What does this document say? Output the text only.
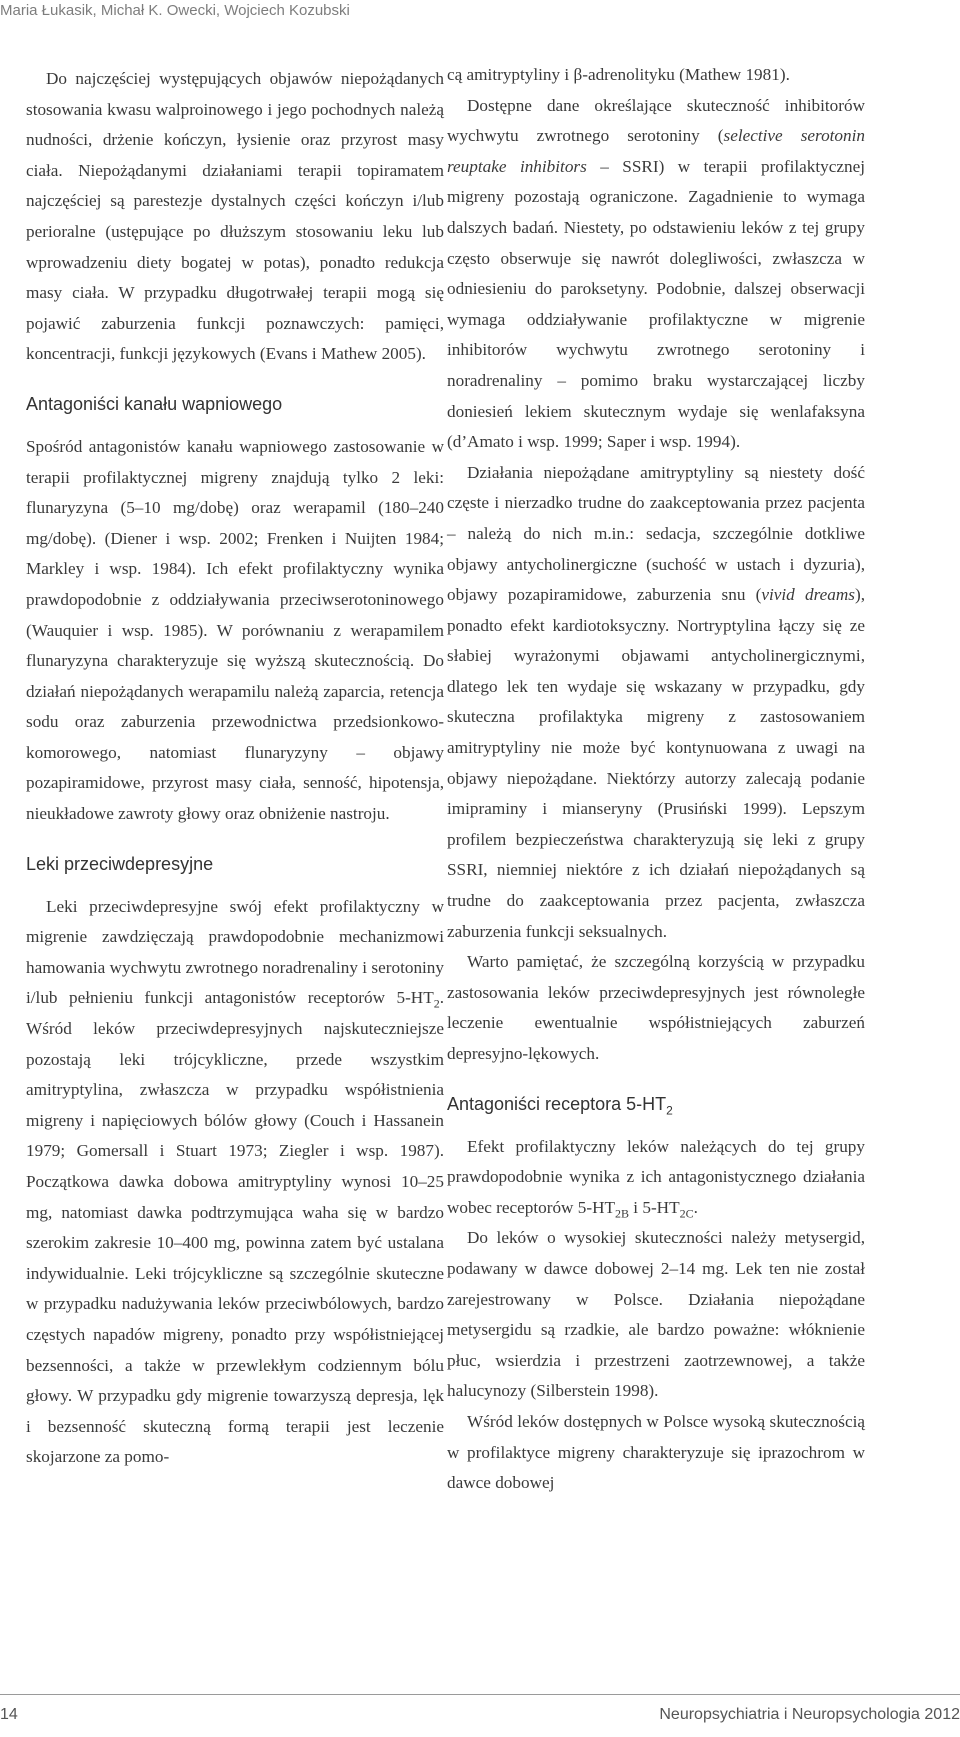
Maria Łukasik, Michał K. Owecki, Wojciech Kozubski

Do najczęściej występujących objawów niepożądanych stosowania kwasu walproinowego i jego pochodnych należą nudności, drżenie kończyn, łysienie oraz przyrost masy ciała. Niepożądanymi działaniami terapii topiramatem najczęściej są parestezje dystalnych części kończyn i/lub perioralne (ustępujące po dłuższym stosowaniu leku lub wprowadzeniu diety bogatej w potas), ponadto redukcja masy ciała. W przypadku długotrwałej terapii mogą się pojawić zaburzenia funkcji poznawczych: pamięci, koncentracji, funkcji językowych (Evans i Mathew 2005).

Antagoniści kanału wapniowego

Spośród antagonistów kanału wapniowego zastosowanie w terapii profilaktycznej migreny znajdują tylko 2 leki: flunaryzyna (5–10 mg/dobę) oraz werapamil (180–240 mg/dobę). (Diener i wsp. 2002; Frenken i Nuijten 1984; Markley i wsp. 1984). Ich efekt profilaktyczny wynika prawdopodobnie z oddziaływania przeciwserotoninowego (Wauquier i wsp. 1985). W porównaniu z werapamilem flunaryzyna charakteryzuje się wyższą skutecznością. Do działań niepożądanych werapamilu należą zaparcia, retencja sodu oraz zaburzenia przewodnictwa przedsionkowo-komorowego, natomiast flunaryzyny – objawy pozapiramidowe, przyrost masy ciała, senność, hipotensja, nieukładowe zawroty głowy oraz obniżenie nastroju.

Leki przeciwdepresyjne

Leki przeciwdepresyjne swój efekt profilaktyczny w migrenie zawdzięczają prawdopodobnie mechanizmowi hamowania wychwytu zwrotnego noradrenaliny i serotoniny i/lub pełnieniu funkcji antagonistów receptorów $5-HT_2$. Wśród leków przeciwdepresyjnych najskuteczniejsze pozostają leki trójcykliczne, przede wszystkim amitryptylina, zwłaszcza w przypadku współistnienia migreny i napięciowych bólów głowy (Couch i Hassanein 1979; Gomersall i Stuart 1973; Ziegler i wsp. 1987). Początkowa dawka dobowa amitryptyliny wynosi 10–25 mg, natomiast dawka podtrzymująca waha się w bardzo szerokim zakresie 10–400 mg, powinna zatem być ustalana indywidualnie. Leki trójcykliczne są szczególnie skuteczne w przypadku nadużywania leków przeciwbólowych, bardzo częstych napadów migreny, ponadto przy współistniejącej bezsenności, a także w przewlekłym codziennym bólu głowy. W przypadku gdy migrenie towarzyszą depresja, lęk i bezsenność skuteczną formą terapii jest leczenie skojarzone za pomo-

cą amitryptyliny i β-adrenolityku (Mathew 1981).

Dostępne dane określające skuteczność inhibitorów wychwytu zwrotnego serotoniny (selective serotonin reuptake inhibitors – SSRI) w terapii profilaktycznej migreny pozostają ograniczone. Zagadnienie to wymaga dalszych badań. Niestety, po odstawieniu leków z tej grupy często obserwuje się nawrót dolegliwości, zwłaszcza w odniesieniu do paroksetyny. Podobnie, dalszej obserwacji wymaga oddziaływanie profilaktyczne w migrenie inhibitorów wychwytu zwrotnego serotoniny i noradrenaliny – pomimo braku wystarczającej liczby doniesień lekiem skutecznym wydaje się wenlafaksyna (d’Amato i wsp. 1999; Saper i wsp. 1994).

Działania niepożądane amitryptyliny są niestety dość częste i nierzadko trudne do zaakceptowania przez pacjenta – należą do nich m.in.: sedacja, szczególnie dotkliwe objawy antycholinergiczne (suchość w ustach i dyzuria), objawy pozapiramidowe, zaburzenia snu (vivid dreams), ponadto efekt kardiotoksyczny. Nortryptylina łączy się ze słabiej wyrażonymi objawami antycholinergicznymi, dlatego lek ten wydaje się wskazany w przypadku, gdy skuteczna profilaktyka migreny z zastosowaniem amitryptyliny nie może być kontynuowana z uwagi na objawy niepożądane. Niektórzy autorzy zalecają podanie imipraminy i mianseryny (Prusiński 1999). Lepszym profilem bezpieczeństwa charakteryzują się leki z grupy SSRI, niemniej niektóre z ich działań niepożądanych są trudne do zaakceptowania przez pacjenta, zwłaszcza zaburzenia funkcji seksualnych.

Warto pamiętać, że szczególną korzyścią w przypadku zastosowania leków przeciwdepresyjnych jest równoległe leczenie ewentualnie współistniejących zaburzeń depresyjno-lękowych.

Antagoniści receptora $5-HT_2$

Efekt profilaktyczny leków należących do tej grupy prawdopodobnie wynika z ich antagonistycznego działania wobec receptorów $5-HT_{2B}$ i $5-HT_{2C}$.

Do leków o wysokiej skuteczności należy metysergid, podawany w dawce dobowej 2–14 mg. Lek ten nie został zarejestrowany w Polsce. Działania niepożądane metysergidu są rzadkie, ale bardzo poważne: włóknienie płuc, wsierdzia i przestrzeni zaotrzewnowej, a także halucynozy (Silberstein 1998).

Wśród leków dostępnych w Polsce wysoką skutecznością w profilaktyce migreny charakteryzuje się iprazochrom w dawce dobowej

14	Neuropsychiatria i Neuropsychologia 2012
